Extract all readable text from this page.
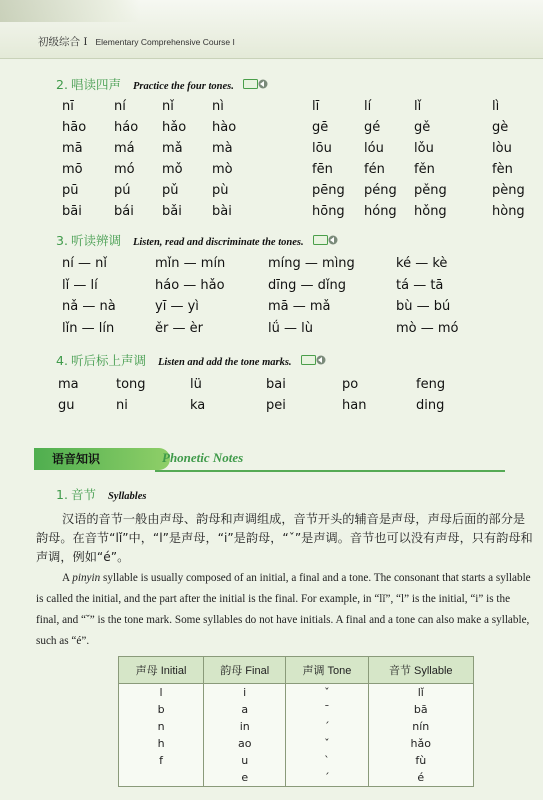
初级综合 I Elementary Comprehensive Course I
2. 唱读四声 Practice the four tones.
nī	ní	nǐ	nì	lī	lí	lǐ	lì
hāo háo hǎo hào	gē	gé	gě	gè
mā má mǎ mà	lōu lóu lǒu	lòu
mō mó mǒ mò	fēn fén fěn	fèn
pū	pú pǔ	pù	pēng péng pěng	pèng
bāi bái bǎi bài	hōng hóng hǒng	hòng
3. 听读辨调 Listen, read and discriminate the tones.
ní — nǐ	mǐn — mín	míng — mìng	ké — kè
lǐ — lí	háo — hǎo	dīng — dǐng	tá — tā
nǎ — nà	yī — yì	mā — mǎ	bù — bú
lǐn — lín	ěr — èr	lǘ — lù	mò — mó
4. 听后标上声调 Listen and add the tone marks.
ma	tong	lü	bai	po	feng
gu	ni	ka	pei	han	ding
语音知识	Phonetic Notes
1. 音节 Syllables
汉语的音节一般由声母、韵母和声调组成，音节开头的辅音是声母，声母后面的部分是韵母。在音节“lǐ”中，“l”是声母，“i”是韵母，“ˇ”是声调。音节也可以没有声母，只有韵母和声调，例如“é”。
A pinyin syllable is usually composed of an initial, a final and a tone. The consonant that starts a syllable is called the initial, and the part after the initial is the final. For example, in “lǐ”, “l” is the initial, “i” is the final, and “ˇ” is the tone mark. Some syllables do not have initials. A final and a tone can also make a syllable, such as “é”.
声母 Initial	韵母 Final	声调 Tone	音节 Syllable
l	i	ˇ	lǐ
b	a	ˉ	bā
n	in	ˊ	nín
h	ao	ˇ	hǎo
f	u	ˋ	fù
	e	ˊ	é
